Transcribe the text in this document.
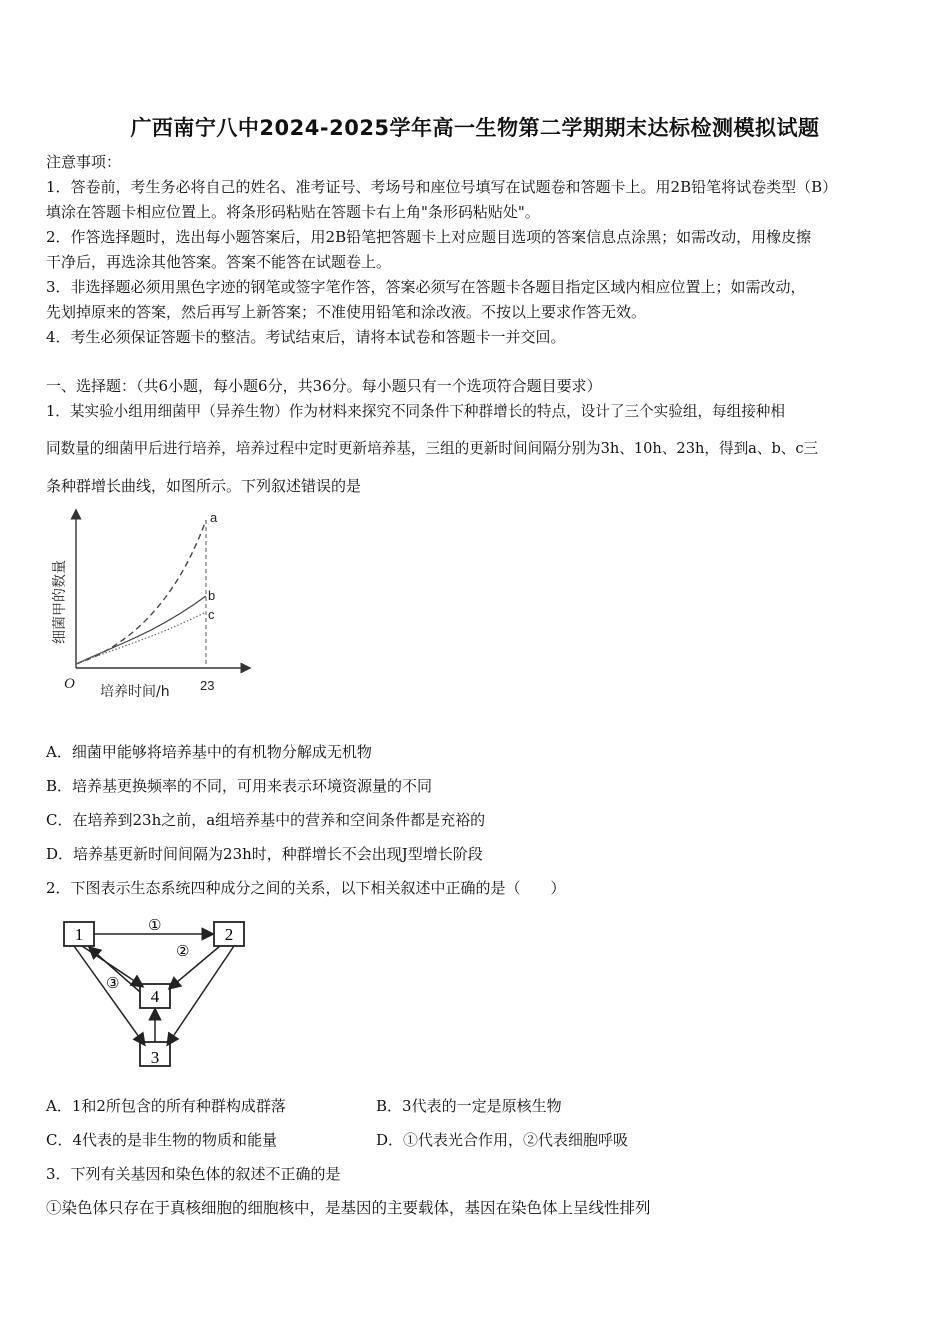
广西南宁八中2024-2025学年高一生物第二学期期末达标检测模拟试题
注意事项：
1．答卷前，考生务必将自己的姓名、准考证号、考场号和座位号填写在试题卷和答题卡上。用2B铅笔将试卷类型（B）
填涂在答题卡相应位置上。将条形码粘贴在答题卡右上角"条形码粘贴处"。
2．作答选择题时，选出每小题答案后，用2B铅笔把答题卡上对应题目选项的答案信息点涂黑；如需改动，用橡皮擦
干净后，再选涂其他答案。答案不能答在试题卷上。
3．非选择题必须用黑色字迹的钢笔或签字笔作答，答案必须写在答题卡各题目指定区域内相应位置上；如需改动，
先划掉原来的答案，然后再写上新答案；不准使用铅笔和涂改液。不按以上要求作答无效。
4．考生必须保证答题卡的整洁。考试结束后，请将本试卷和答题卡一并交回。
一、选择题：（共6小题，每小题6分，共36分。每小题只有一个选项符合题目要求）
1．某实验小组用细菌甲（异养生物）作为材料来探究不同条件下种群增长的特点，设计了三个实验组，每组接种相
同数量的细菌甲后进行培养，培养过程中定时更新培养基，三组的更新时间间隔分别为3h、10h、23h，得到a、b、c三
条种群增长曲线，如图所示。下列叙述错误的是
a
b
c
O	23
培养时间/h
细菌甲的数量
A．细菌甲能够将培养基中的有机物分解成无机物
B．培养基更换频率的不同，可用来表示环境资源量的不同
C．在培养到23h之前，a组培养基中的营养和空间条件都是充裕的
D．培养基更新时间间隔为23h时，种群增长不会出现J型增长阶段
2．下图表示生态系统四种成分之间的关系，以下相关叙述中正确的是（　　）
1	2
3
4
①
②
③
A．1和2所包含的所有种群构成群落	B．3代表的一定是原核生物
C．4代表的是非生物的物质和能量	D．①代表光合作用，②代表细胞呼吸
3．下列有关基因和染色体的叙述不正确的是
①染色体只存在于真核细胞的细胞核中，是基因的主要载体，基因在染色体上呈线性排列
